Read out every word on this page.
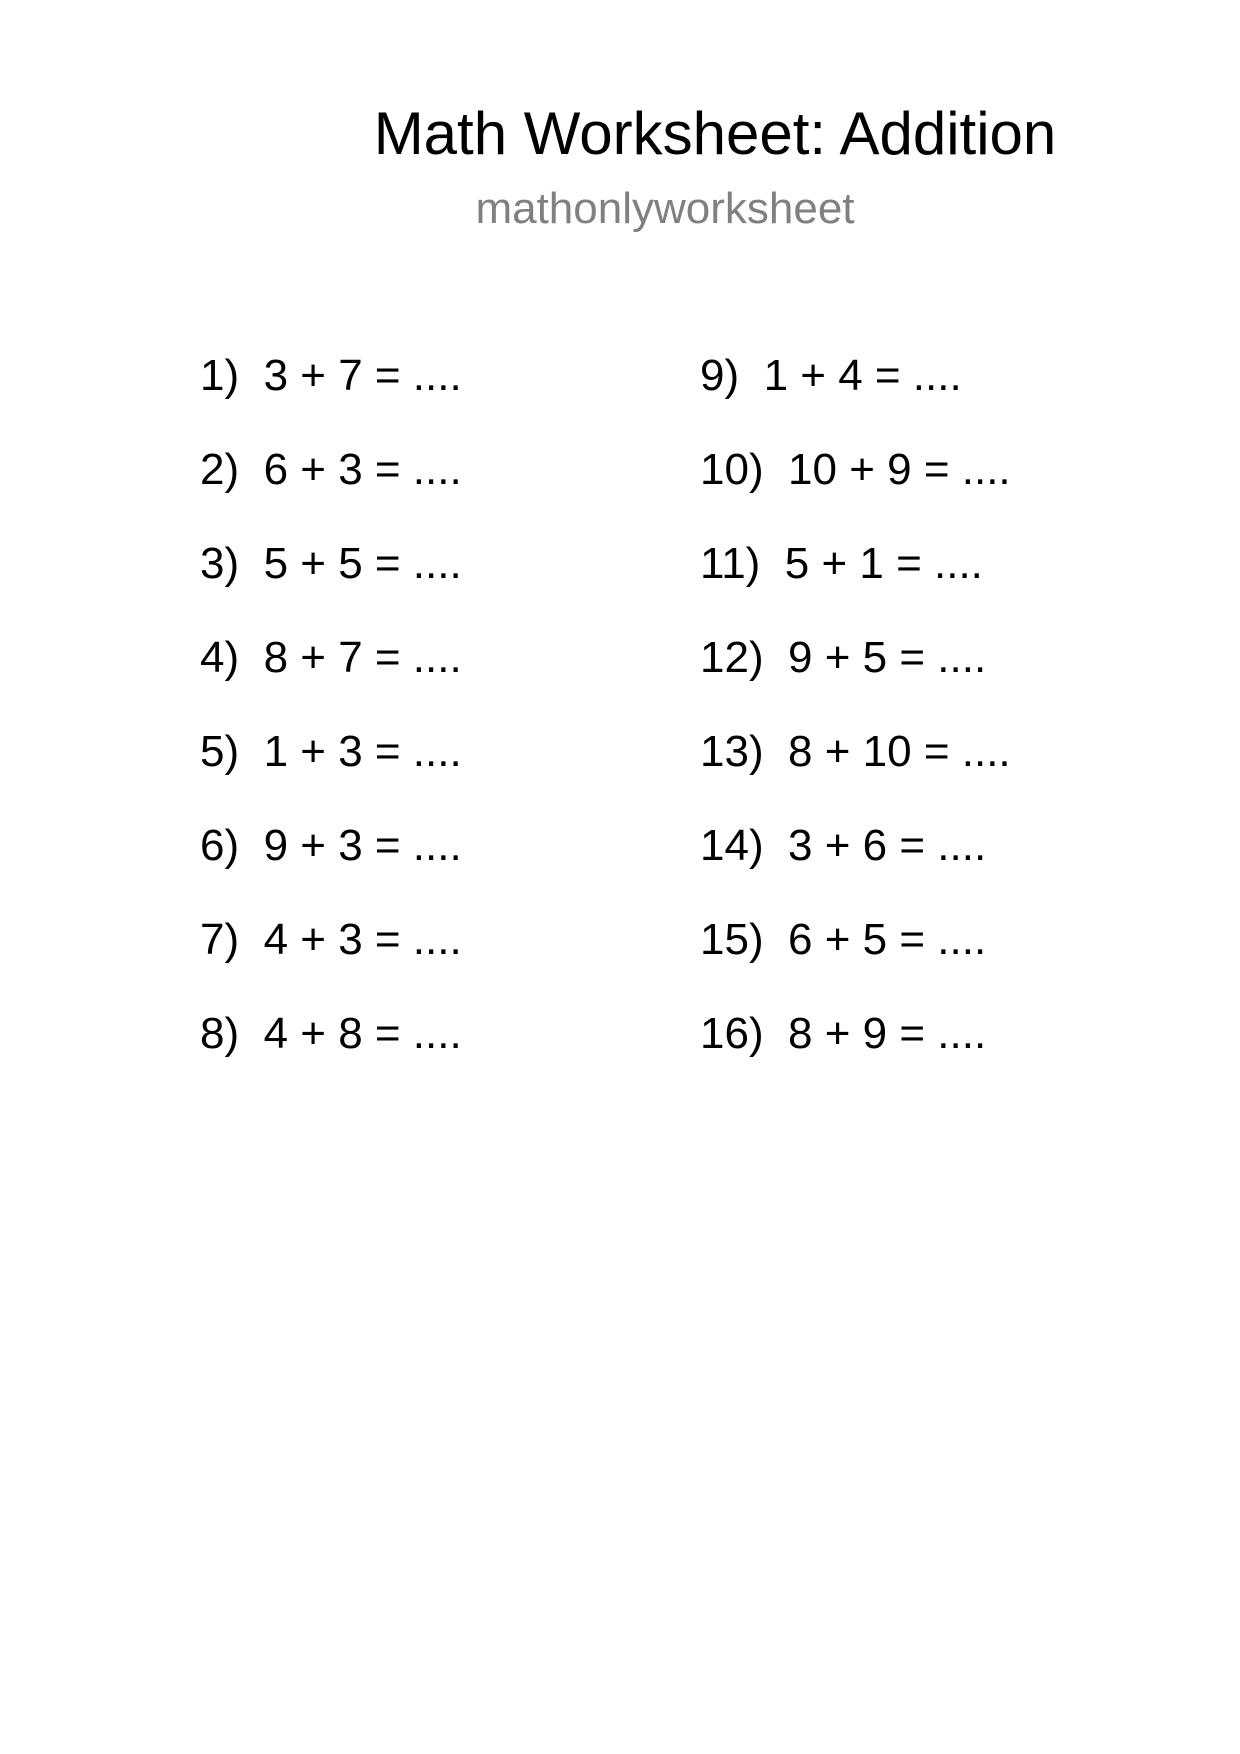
Math Worksheet: Addition
mathonlyworksheet
1)  3 + 7 = ....
2)  6 + 3 = ....
3)  5 + 5 = ....
4)  8 + 7 = ....
5)  1 + 3 = ....
6)  9 + 3 = ....
7)  4 + 3 = ....
8)  4 + 8 = ....
9)  1 + 4 = ....
10)  10 + 9 = ....
11)  5 + 1 = ....
12)  9 + 5 = ....
13)  8 + 10 = ....
14)  3 + 6 = ....
15)  6 + 5 = ....
16)  8 + 9 = ....
